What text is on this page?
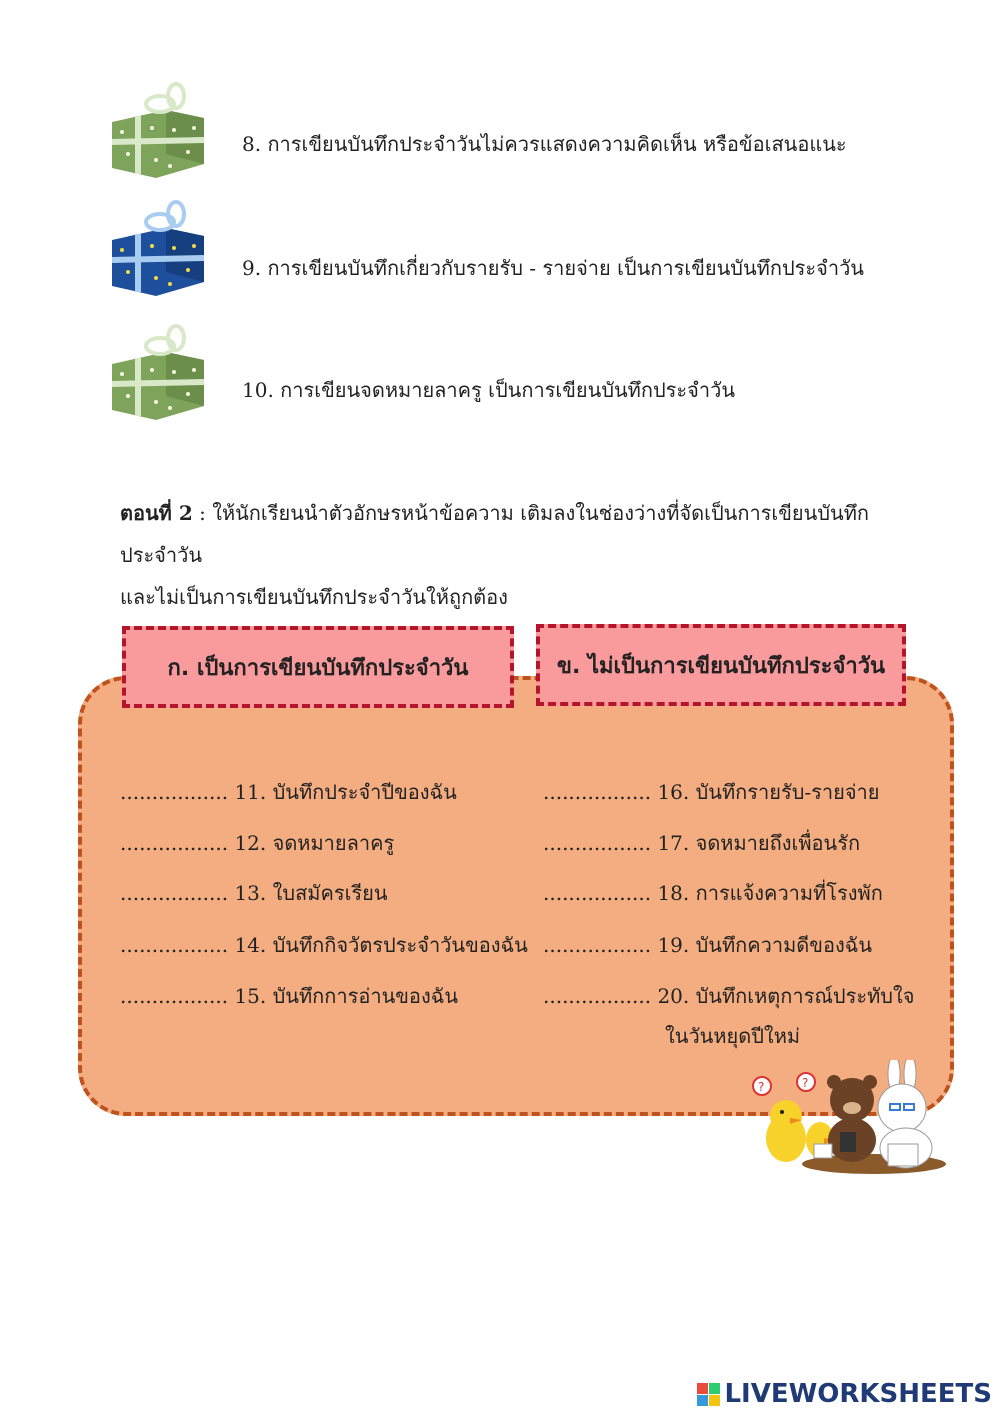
8. การเขียนบันทึกประจำวันไม่ควรแสดงความคิดเห็น หรือข้อเสนอแนะ
9. การเขียนบันทึกเกี่ยวกับรายรับ - รายจ่าย เป็นการเขียนบันทึกประจำวัน
10. การเขียนจดหมายลาครู เป็นการเขียนบันทึกประจำวัน
ตอนที่ 2 : ให้นักเรียนนำตัวอักษรหน้าข้อความ เติมลงในช่องว่างที่จัดเป็นการเขียนบันทึกประจำวัน
และไม่เป็นการเขียนบันทึกประจำวันให้ถูกต้อง
ก. เป็นการเขียนบันทึกประจำวัน	ข. ไม่เป็นการเขียนบันทึกประจำวัน
................. 11. บันทึกประจำปีของฉัน
................. 12. จดหมายลาครู
................. 13. ใบสมัครเรียน
................. 14. บันทึกกิจวัตรประจำวันของฉัน
................. 15. บันทึกการอ่านของฉัน
................. 16. บันทึกรายรับ-รายจ่าย
................. 17. จดหมายถึงเพื่อนรัก
................. 18. การแจ้งความที่โรงพัก
................. 19. บันทึกความดีของฉัน
................. 20. บันทึกเหตุการณ์ประทับใจ
ในวันหยุดปีใหม่
?	?
LIVEWORKSHEETS
